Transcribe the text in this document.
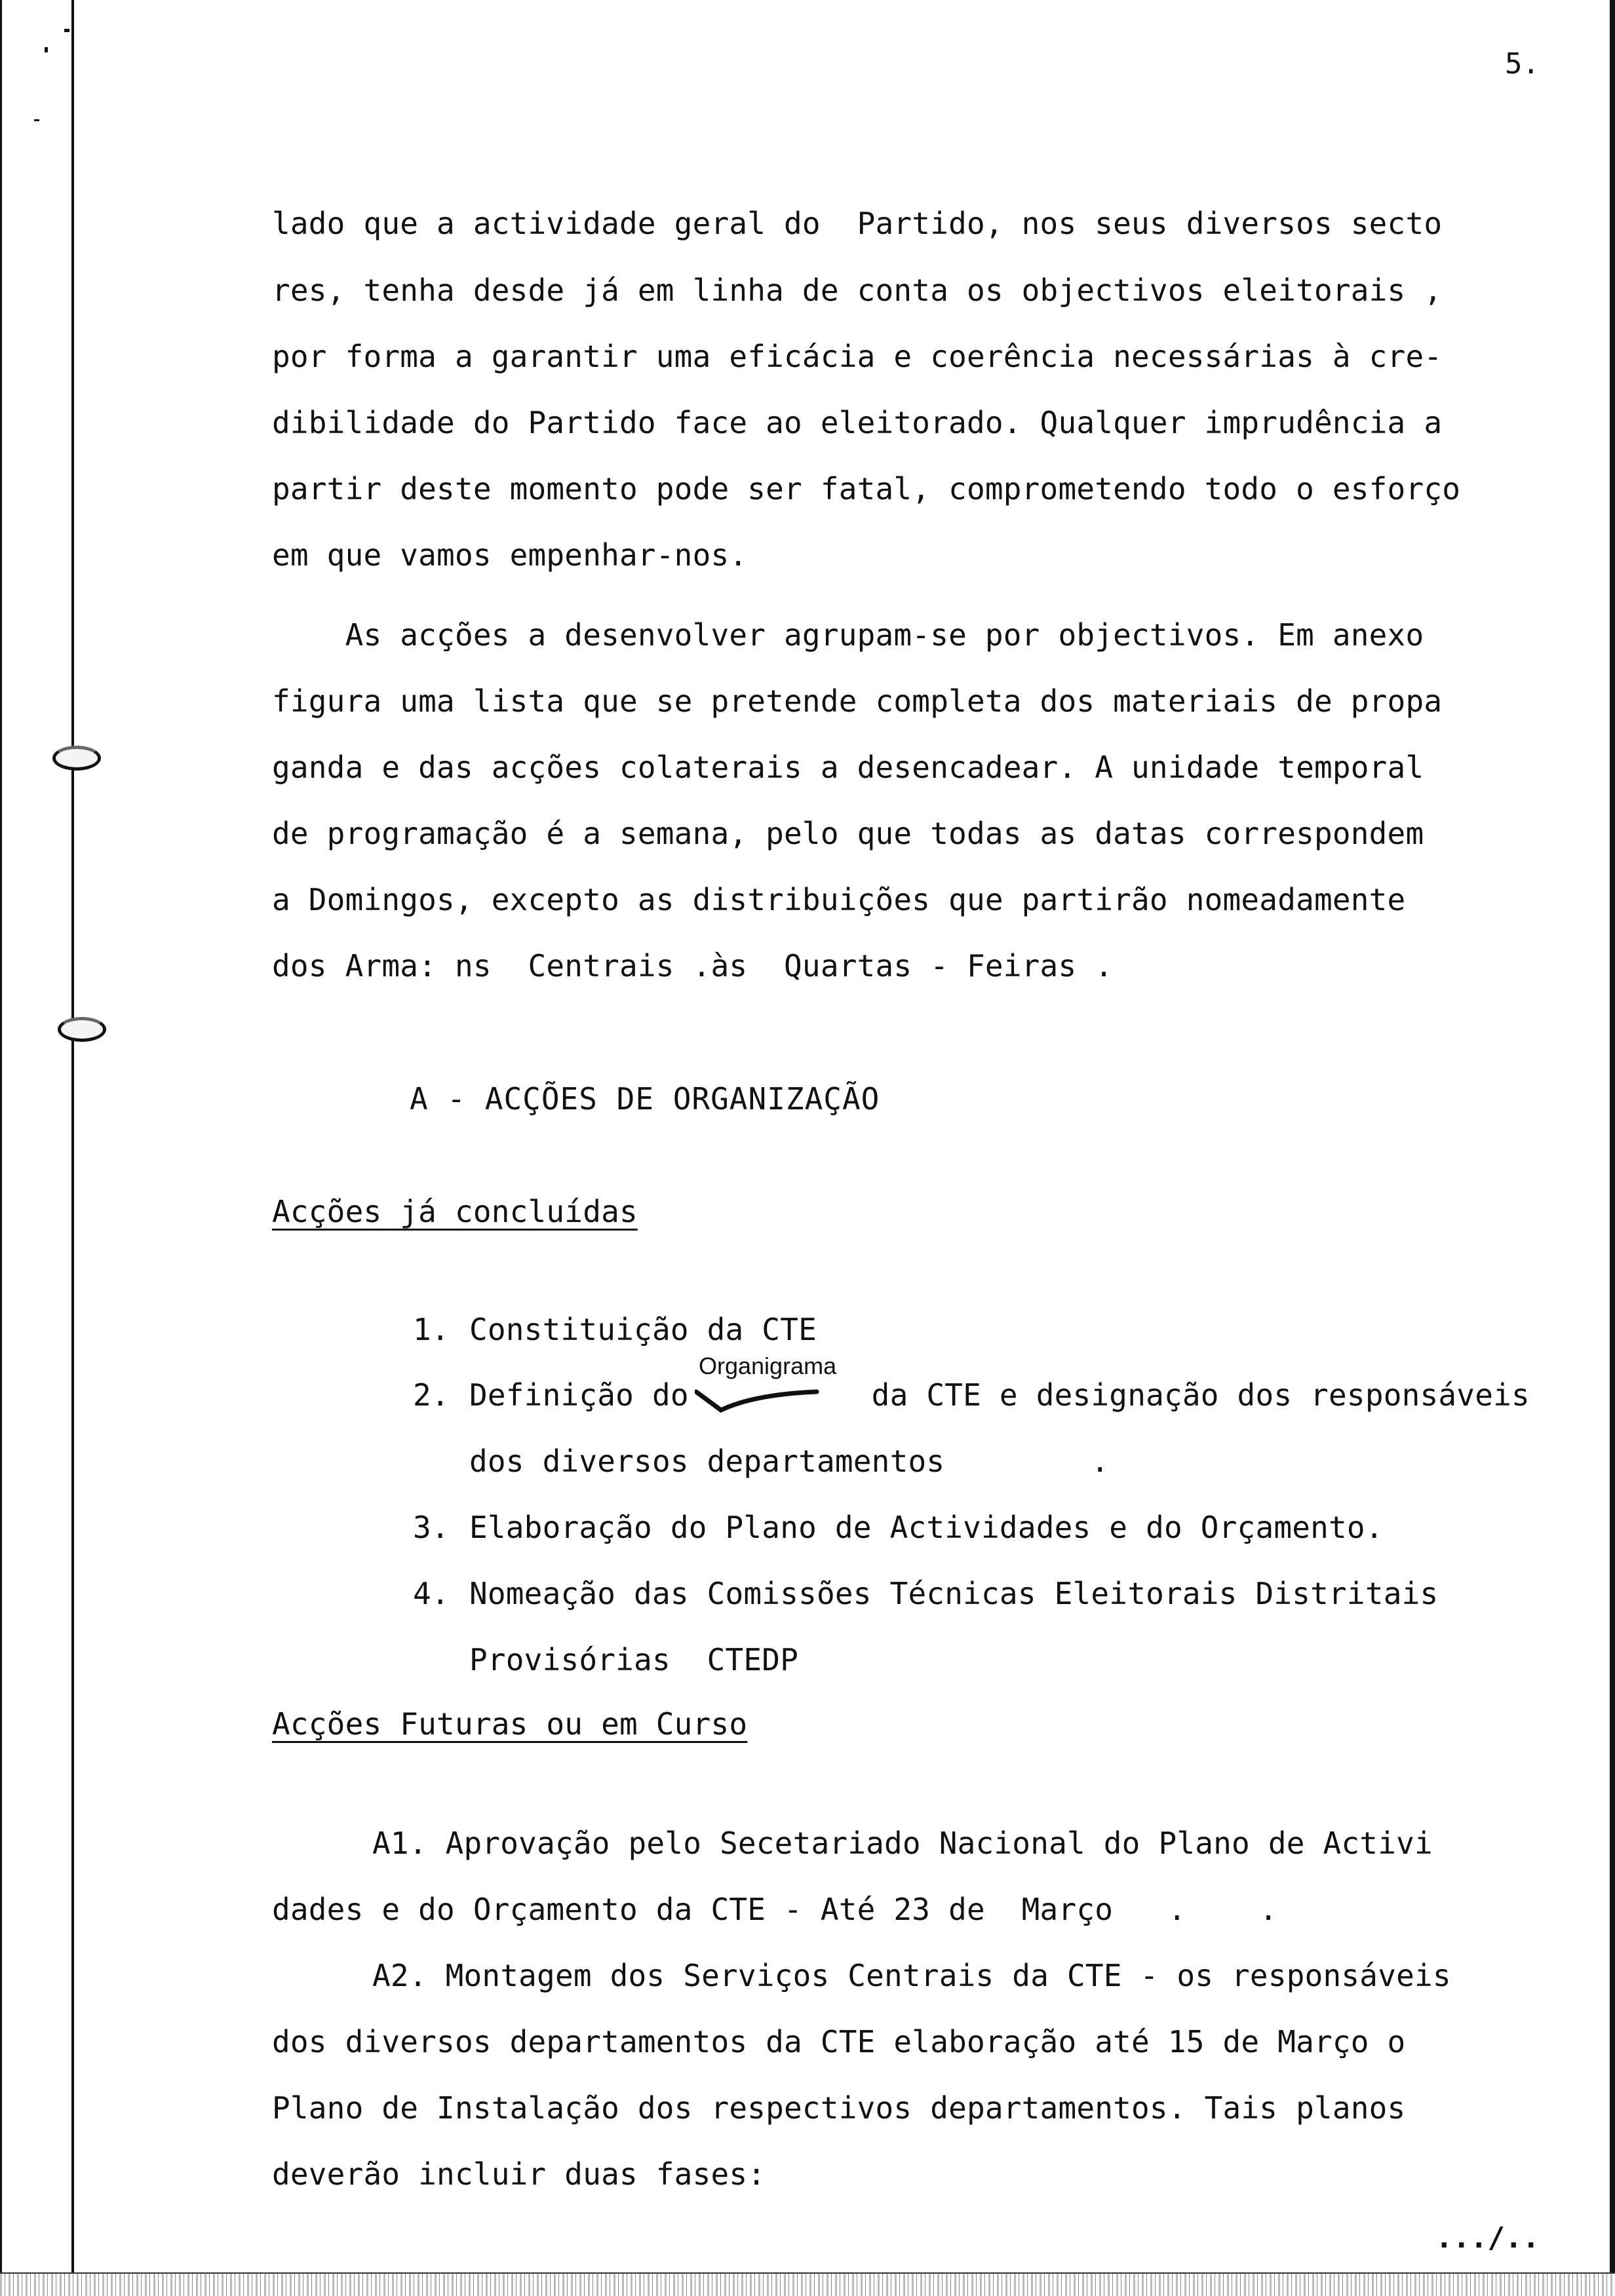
5.
lado que a actividade geral do  Partido, nos seus diversos secto
res, tenha desde já em linha de conta os objectivos eleitorais ,
por forma a garantir uma eficácia e coerência necessárias à cre-
dibilidade do Partido face ao eleitorado. Qualquer imprudência a
partir deste momento pode ser fatal, comprometendo todo o esforço
em que vamos empenhar-nos.
As acções a desenvolver agrupam-se por objectivos. Em anexo
figura uma lista que se pretende completa dos materiais de propa
ganda e das acções colaterais a desencadear. A unidade temporal
de programação é a semana, pelo que todas as datas correspondem
a Domingos, excepto as distribuições que partirão nomeadamente
dos Arma: ns  Centrais .às  Quartas - Feiras .
A - ACÇÕES DE ORGANIZAÇÃO
Acções já concluídas
1. Constituição da CTE
2. Definição do          da CTE e designação dos responsáveis
Organigrama
dos diversos departamentos        .
3. Elaboração do Plano de Actividades e do Orçamento.
4. Nomeação das Comissões Técnicas Eleitorais Distritais
Provisórias  CTEDP
Acções Futuras ou em Curso
A1. Aprovação pelo Secetariado Nacional do Plano de Activi
dades e do Orçamento da CTE - Até 23 de  Março   .    .
A2. Montagem dos Serviços Centrais da CTE - os responsáveis
dos diversos departamentos da CTE elaboração até 15 de Março o
Plano de Instalação dos respectivos departamentos. Tais planos
deverão incluir duas fases:
.../..
